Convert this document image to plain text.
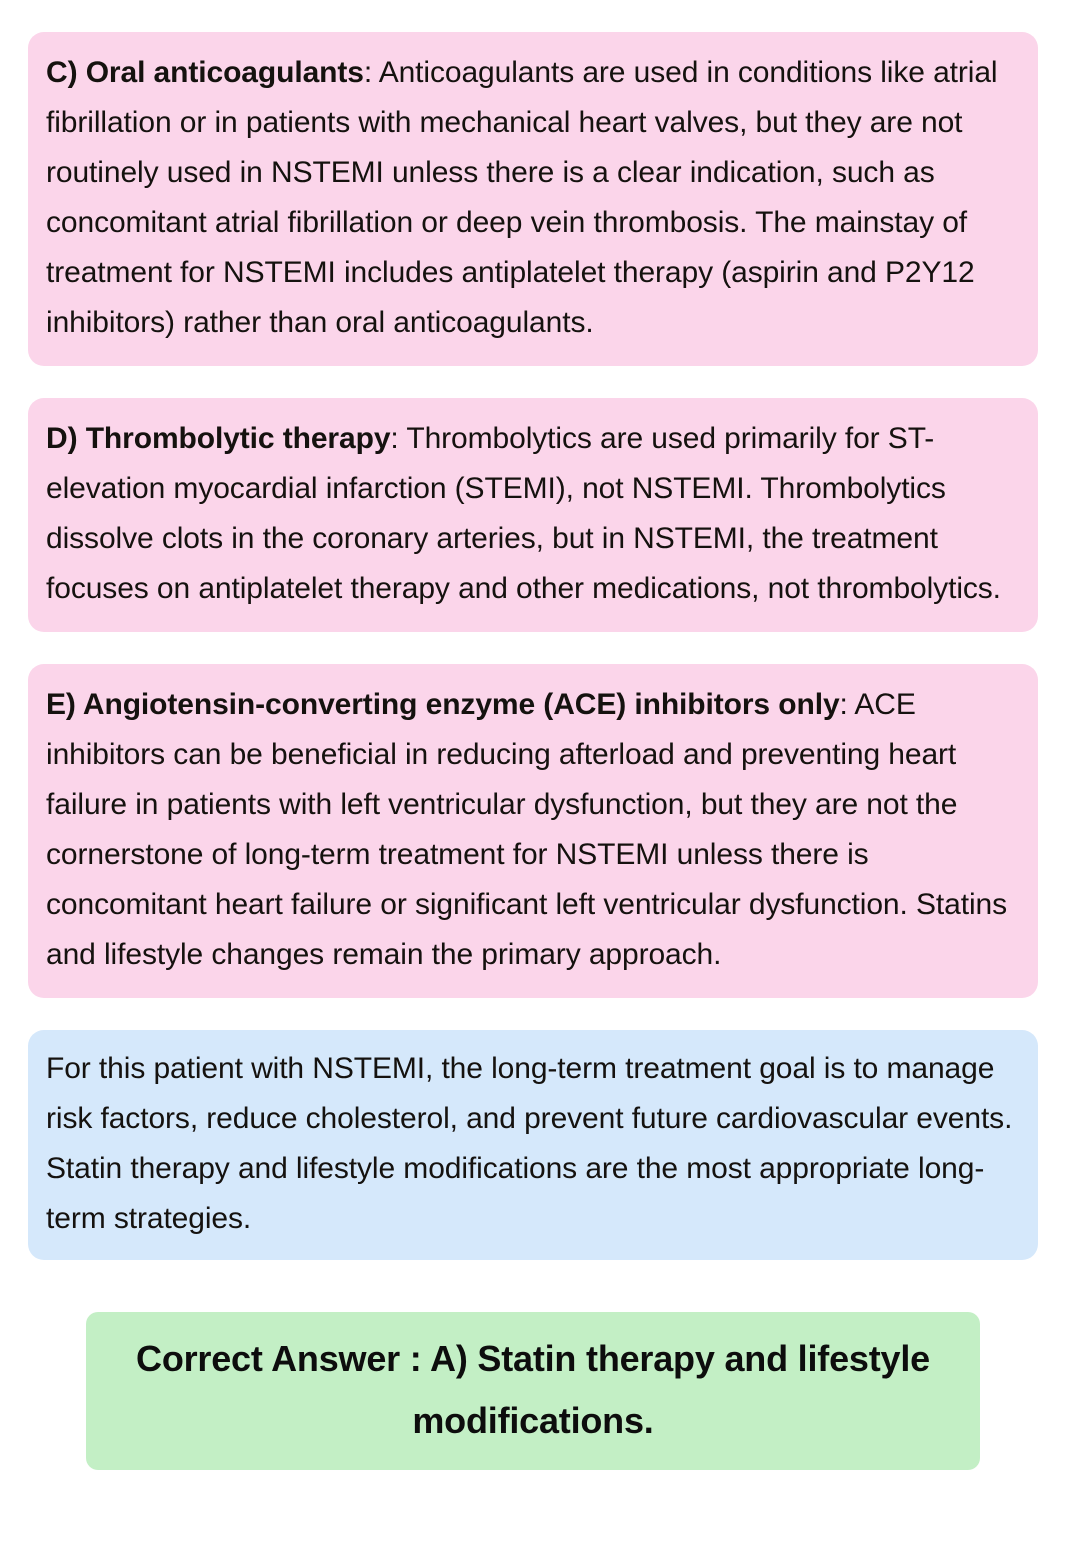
C) Oral anticoagulants: Anticoagulants are used in conditions like atrial fibrillation or in patients with mechanical heart valves, but they are not routinely used in NSTEMI unless there is a clear indication, such as concomitant atrial fibrillation or deep vein thrombosis. The mainstay of treatment for NSTEMI includes antiplatelet therapy (aspirin and P2Y12 inhibitors) rather than oral anticoagulants.

D) Thrombolytic therapy: Thrombolytics are used primarily for ST-elevation myocardial infarction (STEMI), not NSTEMI. Thrombolytics dissolve clots in the coronary arteries, but in NSTEMI, the treatment focuses on antiplatelet therapy and other medications, not thrombolytics.

E) Angiotensin-converting enzyme (ACE) inhibitors only: ACE inhibitors can be beneficial in reducing afterload and preventing heart failure in patients with left ventricular dysfunction, but they are not the cornerstone of long-term treatment for NSTEMI unless there is concomitant heart failure or significant left ventricular dysfunction. Statins and lifestyle changes remain the primary approach.

For this patient with NSTEMI, the long-term treatment goal is to manage risk factors, reduce cholesterol, and prevent future cardiovascular events. Statin therapy and lifestyle modifications are the most appropriate long-term strategies.

Correct Answer : A) Statin therapy and lifestyle modifications.
